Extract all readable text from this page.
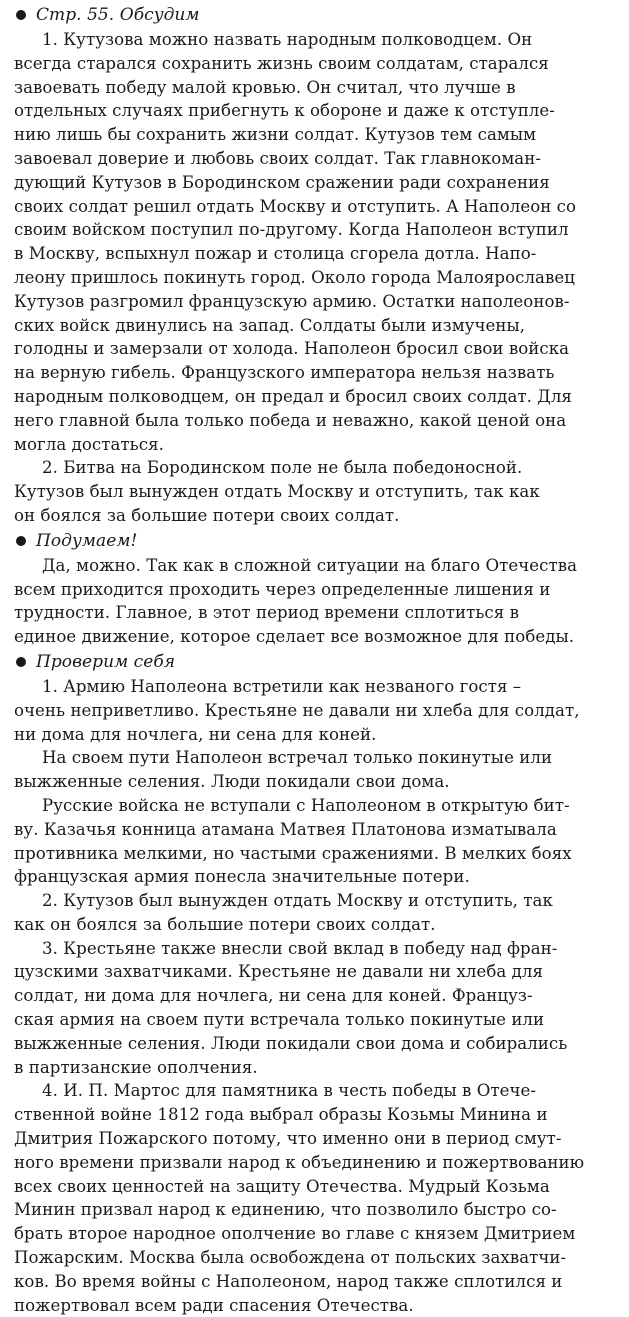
Стр. 55. Обсудим
1. Кутузова можно назвать народным полководцем. Он
всегда старался сохранить жизнь своим солдатам, старался
завоевать победу малой кровью. Он считал, что лучше в
отдельных случаях прибегнуть к обороне и даже к отступле-
нию лишь бы сохранить жизни солдат. Кутузов тем самым
завоевал доверие и любовь своих солдат. Так главнокоман-
дующий Кутузов в Бородинском сражении ради сохранения
своих солдат решил отдать Москву и отступить. А Наполеон со
своим войском поступил по-другому. Когда Наполеон вступил
в Москву, вспыхнул пожар и столица сгорела дотла. Напо-
леону пришлось покинуть город. Около города Малоярославец
Кутузов разгромил французскую армию. Остатки наполеонов-
ских войск двинулись на запад. Солдаты были измучены,
голодны и замерзали от холода. Наполеон бросил свои войска
на верную гибель. Французского императора нельзя назвать
народным полководцем, он предал и бросил своих солдат. Для
него главной была только победа и неважно, какой ценой она
могла достаться.
2. Битва на Бородинском поле не была победоносной.
Кутузов был вынужден отдать Москву и отступить, так как
он боялся за большие потери своих солдат.
Подумаем!
Да, можно. Так как в сложной ситуации на благо Отечества
всем приходится проходить через определенные лишения и
трудности. Главное, в этот период времени сплотиться в
единое движение, которое сделает все возможное для победы.
Проверим себя
1. Армию Наполеона встретили как незваного гостя –
очень неприветливо. Крестьяне не давали ни хлеба для солдат,
ни дома для ночлега, ни сена для коней.
На своем пути Наполеон встречал только покинутые или
выжженные селения. Люди покидали свои дома.
Русские войска не вступали с Наполеоном в открытую бит-
ву. Казачья конница атамана Матвея Платонова изматывала
противника мелкими, но частыми сражениями. В мелких боях
французская армия понесла значительные потери.
2. Кутузов был вынужден отдать Москву и отступить, так
как он боялся за большие потери своих солдат.
3. Крестьяне также внесли свой вклад в победу над фран-
цузскими захватчиками. Крестьяне не давали ни хлеба для
солдат, ни дома для ночлега, ни сена для коней. Француз-
ская армия на своем пути встречала только покинутые или
выжженные селения. Люди покидали свои дома и собирались
в партизанские ополчения.
4. И. П. Мартос для памятника в честь победы в Отече-
ственной войне 1812 года выбрал образы Козьмы Минина и
Дмитрия Пожарского потому, что именно они в период смут-
ного времени призвали народ к объединению и пожертвованию
всех своих ценностей на защиту Отечества. Мудрый Козьма
Минин призвал народ к единению, что позволило быстро со-
брать второе народное ополчение во главе с князем Дмитрием
Пожарским. Москва была освобождена от польских захватчи-
ков. Во время войны с Наполеоном, народ также сплотился и
пожертвовал всем ради спасения Отечества.
